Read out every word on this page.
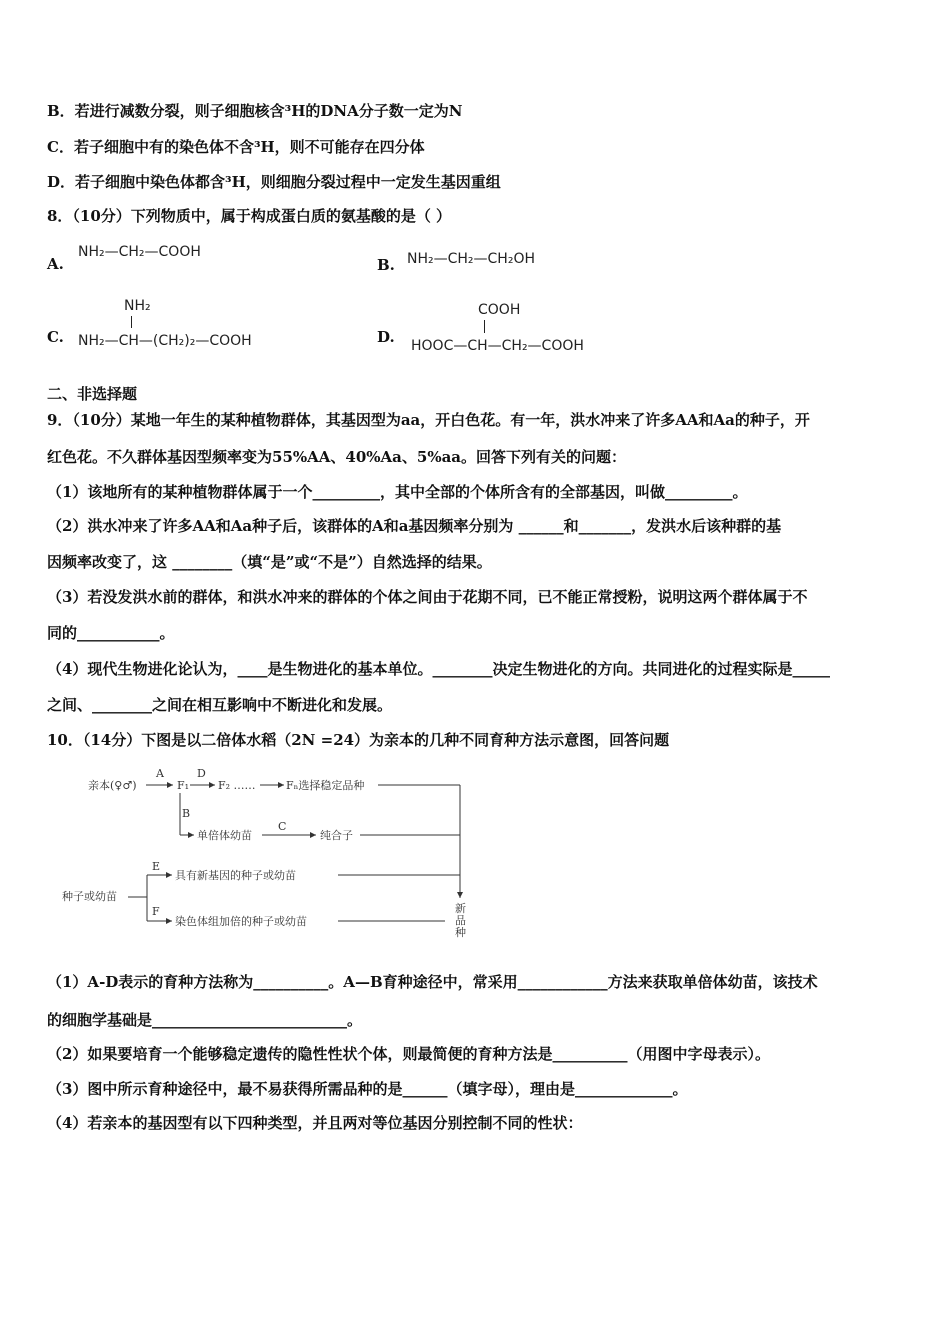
B．若进行减数分裂，则子细胞核含³H的DNA分子数一定为N
C．若子细胞中有的染色体不含³H，则不可能存在四分体
D．若子细胞中染色体都含³H，则细胞分裂过程中一定发生基因重组
8．（10分）下列物质中，属于构成蛋白质的氨基酸的是（ ）
A.
NH₂—CH₂—COOH
B. NH₂—CH₂—CH₂OH
C.
NH₂
NH₂—CH—(CH₂)₂—COOH	D.
COOH
HOOC—CH—CH₂—COOH
二、非选择题
9．（10分）某地一年生的某种植物群体，其基因型为aa，开白色花。有一年，洪水冲来了许多AA和Aa的种子，开
红色花。不久群体基因型频率变为55%AA、40%Aa、5%aa。回答下列有关的问题：
（1）该地所有的某种植物群体属于一个_________，其中全部的个体所含有的全部基因，叫做_________。
（2）洪水冲来了许多AA和Aa种子后，该群体的A和a基因频率分别为 ______和_______，发洪水后该种群的基
因频率改变了，这 ________（填“是”或“不是”）自然选择的结果。
（3）若没发洪水前的群体，和洪水冲来的群体的个体之间由于花期不同，已不能正常授粉，说明这两个群体属于不
同的___________。
（4）现代生物进化论认为，____是生物进化的基本单位。________决定生物进化的方向。共同进化的过程实际是_____
之间、________之间在相互影响中不断进化和发展。
10．（14分）下图是以二倍体水稻（2N =24）为亲本的几种不同育种方法示意图，回答问题
亲本(♀♂)
A
F₁
D
F₂ ……	Fₙ选择稳定品种
B
单倍体幼苗
C
纯合子
种子或幼苗
E
具有新基因的种子或幼苗
F
染色体组加倍的种子或幼苗
新 品种
（1）A-D表示的育种方法称为__________。A—B育种途径中，常采用____________方法来获取单倍体幼苗，该技术
的细胞学基础是__________________________。
（2）如果要培育一个能够稳定遗传的隐性性状个体，则最简便的育种方法是__________（用图中字母表示）。
（3）图中所示育种途径中，最不易获得所需品种的是______（填字母），理由是_____________。
（4）若亲本的基因型有以下四种类型，并且两对等位基因分别控制不同的性状：
